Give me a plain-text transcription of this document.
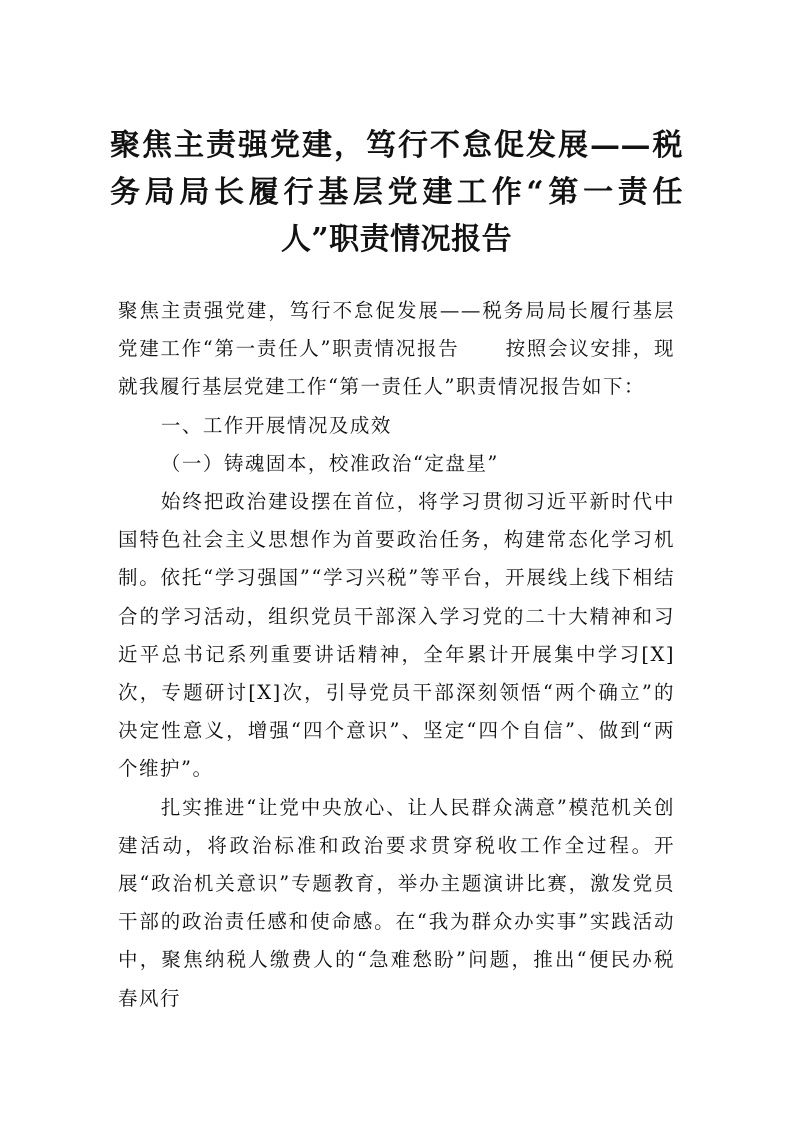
聚焦主责强党建，笃行不怠促发展——税务局局长履行基层党建工作“第一责任人”职责情况报告

聚焦主责强党建，笃行不怠促发展——税务局局长履行基层党建工作“第一责任人”职责情况报告 按照会议安排，现就我履行基层党建工作“第一责任人”职责情况报告如下：

一、工作开展情况及成效

（一）铸魂固本，校准政治“定盘星”

始终把政治建设摆在首位，将学习贯彻习近平新时代中国特色社会主义思想作为首要政治任务，构建常态化学习机制。依托“学习强国”“学习兴税”等平台，开展线上线下相结合的学习活动，组织党员干部深入学习党的二十大精神和习近平总书记系列重要讲话精神，全年累计开展集中学习[X]次，专题研讨[X]次，引导党员干部深刻领悟“两个确立”的决定性意义，增强“四个意识”、坚定“四个自信”、做到“两个维护”。

扎实推进“让党中央放心、让人民群众满意”模范机关创建活动，将政治标准和政治要求贯穿税收工作全过程。开展“政治机关意识”专题教育，举办主题演讲比赛，激发党员干部的政治责任感和使命感。在“我为群众办实事”实践活动中，聚焦纳税人缴费人的“急难愁盼”问题，推出“便民办税春风行
